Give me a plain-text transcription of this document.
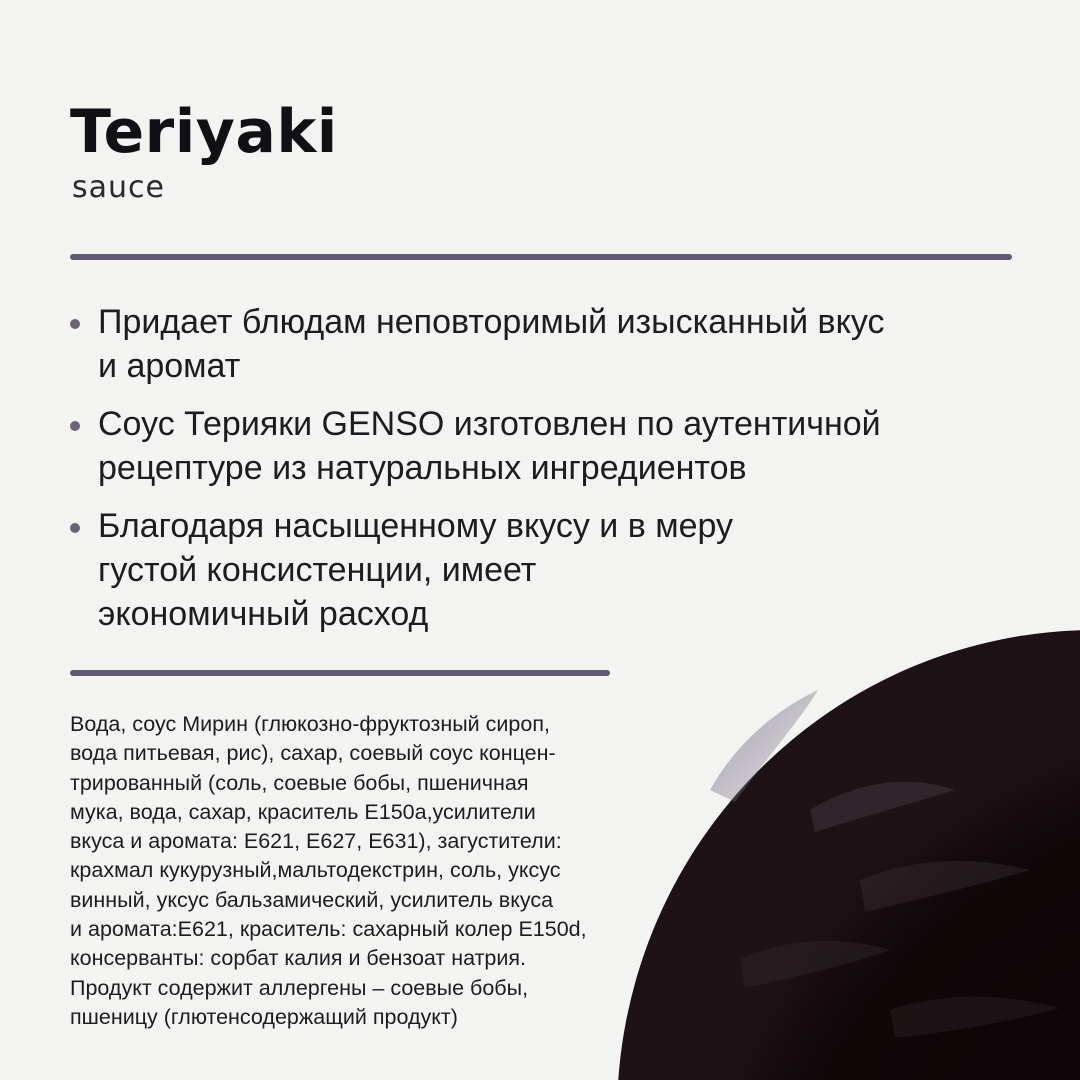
Teriyaki
sauce
Придает блюдам неповторимый изысканный вкус
и аромат
Соус Терияки GENSO изготовлен по аутентичной
рецептуре из натуральных ингредиентов
Благодаря насыщенному вкусу и в меру
густой консистенции, имеет
экономичный расход
Вода, соус Мирин (глюкозно-фруктозный сироп,
вода питьевая, рис), сахар, соевый соус концен-
трированный (соль, соевые бобы, пшеничная
мука, вода, сахар, краситель Е150а,усилители
вкуса и аромата: Е621, Е627, Е631), загустители:
крахмал кукурузный,мальтодекстрин, соль, уксус
винный, уксус бальзамический, усилитель вкуса
и аромата:Е621, краситель: сахарный колер Е150d,
консерванты: сорбат калия и бензоат натрия.
Продукт содержит аллергены – соевые бобы,
пшеницу (глютенсодержащий продукт)
